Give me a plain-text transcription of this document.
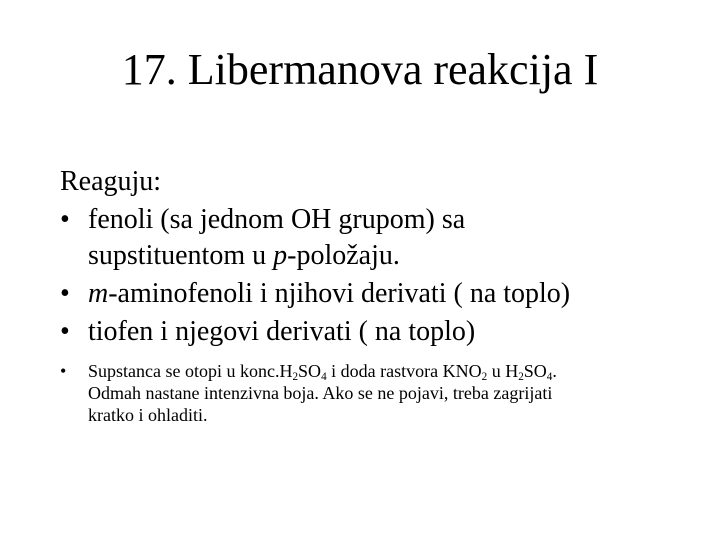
17. Libermanova reakcija I
Reaguju:
• fenoli (sa jednom OH grupom) sa
supstituentom u p-položaju.
• m-aminofenoli i njihovi derivati ( na toplo)
• tiofen i njegovi derivati ( na toplo)
• Supstanca se otopi u $konc.H_2SO_4$ i doda rastvora $KNO_2$ u $H_2SO_4$.
Odmah nastane intenzivna boja. Ako se ne pojavi, treba zagrijati
kratko i ohladiti.
